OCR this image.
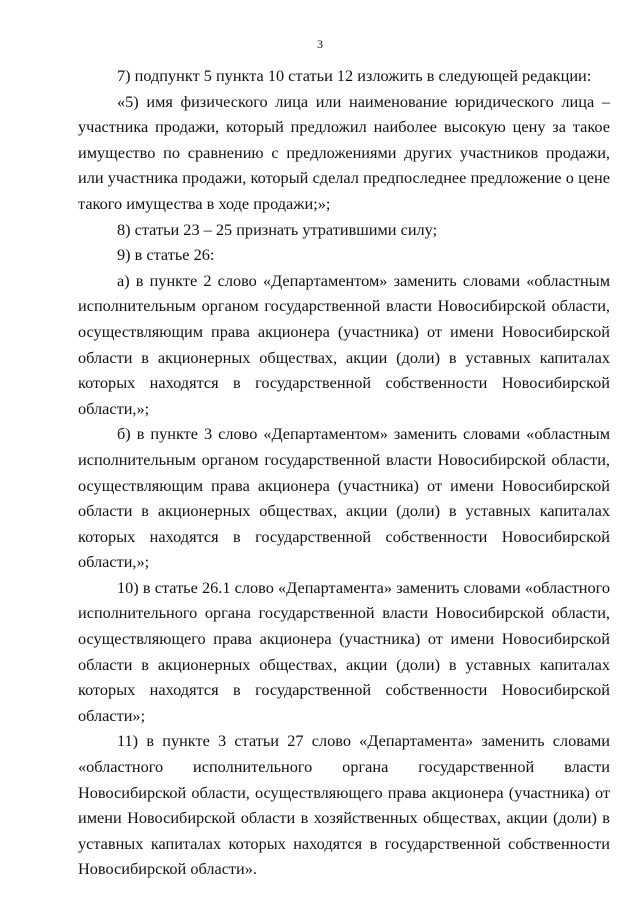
3

7) подпункт 5 пункта 10 статьи 12 изложить в следующей редакции:

«5) имя физического лица или наименование юридического лица – участника продажи, который предложил наиболее высокую цену за такое имущество по сравнению с предложениями других участников продажи, или участника продажи, который сделал предпоследнее предложение о цене такого имущества в ходе продажи;»;

8) статьи 23 – 25 признать утратившими силу;

9) в статье 26:

а) в пункте 2 слово «Департаментом» заменить словами «областным исполнительным органом государственной власти Новосибирской области, осуществляющим права акционера (участника) от имени Новосибирской области в акционерных обществах, акции (доли) в уставных капиталах которых находятся в государственной собственности Новосибирской области,»;

б) в пункте 3 слово «Департаментом» заменить словами «областным исполнительным органом государственной власти Новосибирской области, осуществляющим права акционера (участника) от имени Новосибирской области в акционерных обществах, акции (доли) в уставных капиталах которых находятся в государственной собственности Новосибирской области,»;

10) в статье 26.1 слово «Департамента» заменить словами «областного исполнительного органа государственной власти Новосибирской области, осуществляющего права акционера (участника) от имени Новосибирской области в акционерных обществах, акции (доли) в уставных капиталах которых находятся в государственной собственности Новосибирской области»;

11) в пункте 3 статьи 27 слово «Департамента» заменить словами «областного исполнительного органа государственной власти Новосибирской области, осуществляющего права акционера (участника) от имени Новосибирской области в хозяйственных обществах, акции (доли) в уставных капиталах которых находятся в государственной собственности Новосибирской области».
